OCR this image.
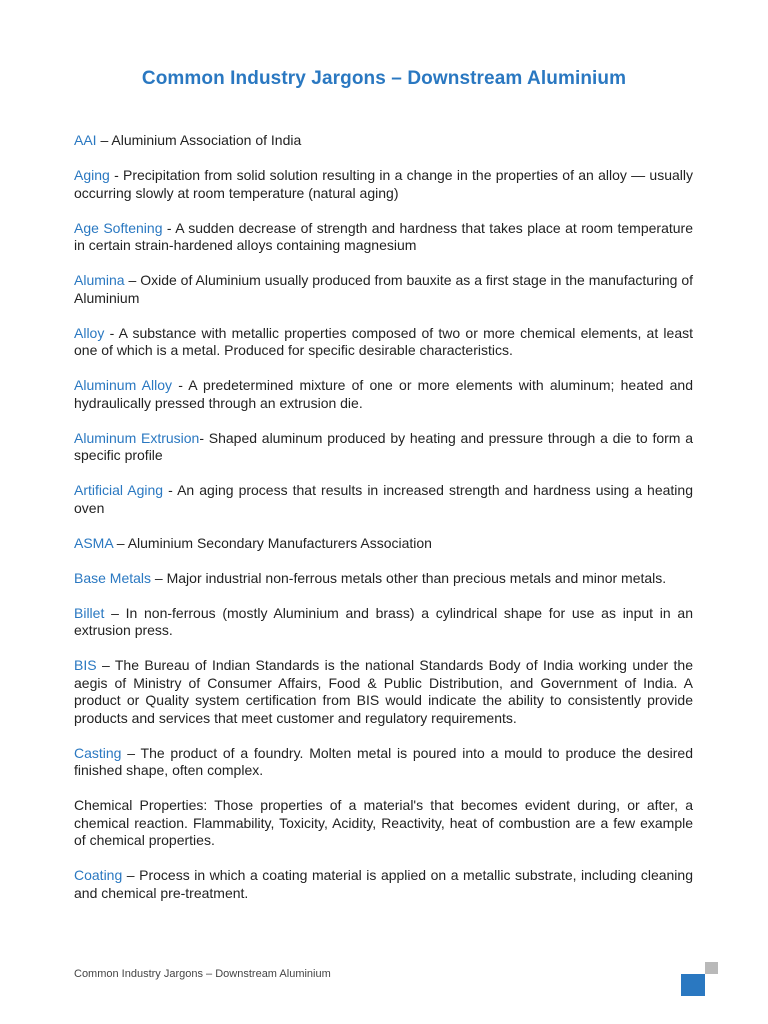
Common Industry Jargons – Downstream Aluminium

AAI – Aluminium Association of India

Aging - Precipitation from solid solution resulting in a change in the properties of an alloy — usually occurring slowly at room temperature (natural aging)

Age Softening - A sudden decrease of strength and hardness that takes place at room temperature in certain strain-hardened alloys containing magnesium

Alumina – Oxide of Aluminium usually produced from bauxite as a first stage in the manufacturing of Aluminium

Alloy - A substance with metallic properties composed of two or more chemical elements, at least one of which is a metal. Produced for specific desirable characteristics.

Aluminum Alloy - A predetermined mixture of one or more elements with aluminum; heated and hydraulically pressed through an extrusion die.

Aluminum Extrusion- Shaped aluminum produced by heating and pressure through a die to form a specific profile

Artificial Aging - An aging process that results in increased strength and hardness using a heating oven

ASMA – Aluminium Secondary Manufacturers Association

Base Metals – Major industrial non-ferrous metals other than precious metals and minor metals.

Billet – In non-ferrous (mostly Aluminium and brass) a cylindrical shape for use as input in an extrusion press.

BIS – The Bureau of Indian Standards is the national Standards Body of India working under the aegis of Ministry of Consumer Affairs, Food & Public Distribution, and Government of India. A product or Quality system certification from BIS would indicate the ability to consistently provide products and services that meet customer and regulatory requirements.

Casting – The product of a foundry. Molten metal is poured into a mould to produce the desired finished shape, often complex.

Chemical Properties: Those properties of a material's that becomes evident during, or after, a chemical reaction. Flammability, Toxicity, Acidity, Reactivity, heat of combustion are a few example of chemical properties.

Coating – Process in which a coating material is applied on a metallic substrate, including cleaning and chemical pre-treatment.

Common Industry Jargons – Downstream Aluminium
